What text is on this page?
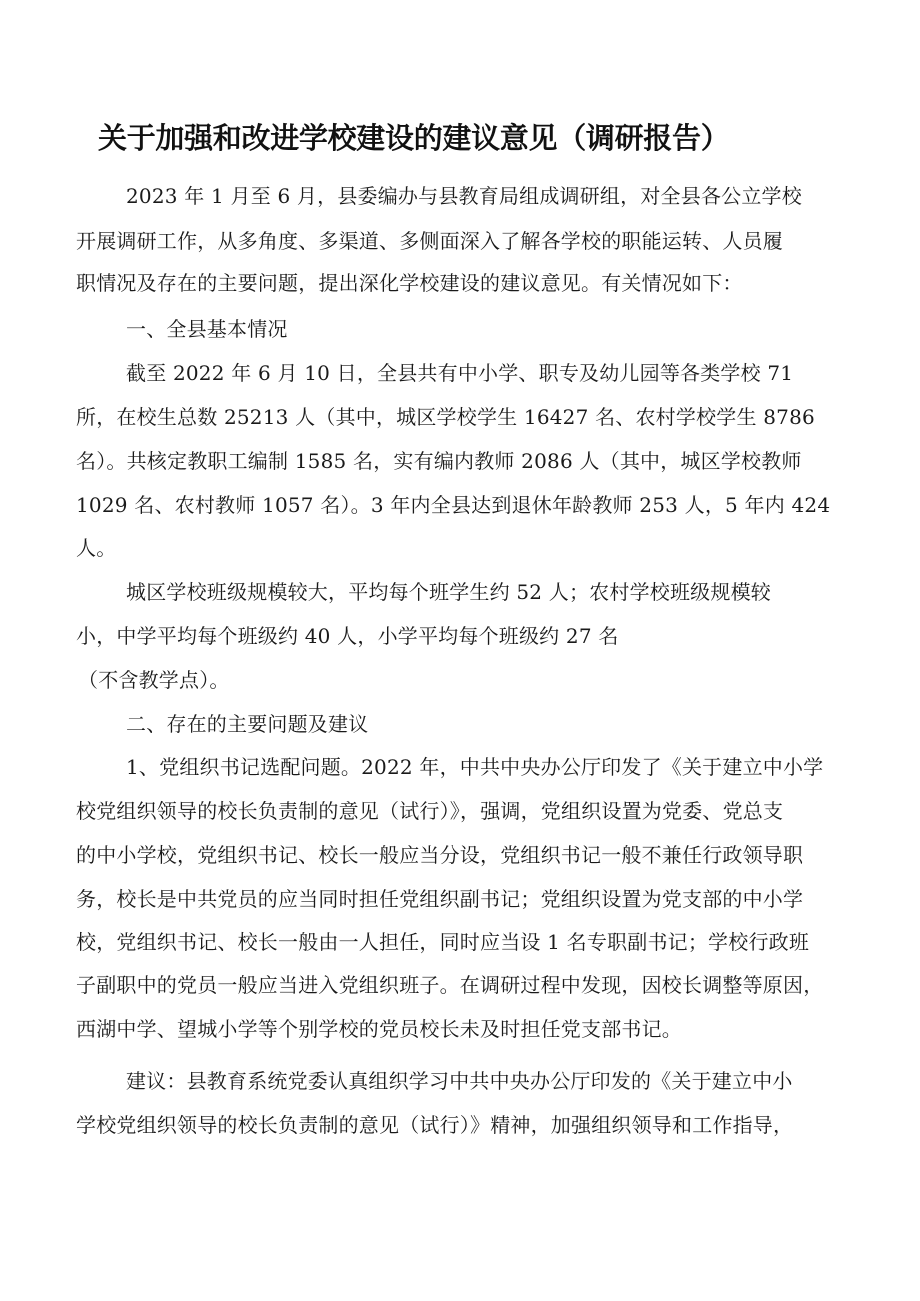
关于加强和改进学校建设的建议意见（调研报告）
2023 年 1 月至 6 月，县委编办与县教育局组成调研组，对全县各公立学校
开展调研工作，从多角度、多渠道、多侧面深入了解各学校的职能运转、人员履
职情况及存在的主要问题，提出深化学校建设的建议意见。有关情况如下：
一、全县基本情况
截至 2022 年 6 月 10 日，全县共有中小学、职专及幼儿园等各类学校 71
所，在校生总数 25213 人（其中，城区学校学生 16427 名、农村学校学生 8786
名）。共核定教职工编制 1585 名，实有编内教师 2086 人（其中，城区学校教师
1029 名、农村教师 1057 名）。3 年内全县达到退休年龄教师 253 人，5 年内 424
人。
城区学校班级规模较大，平均每个班学生约 52 人；农村学校班级规模较
小，中学平均每个班级约 40 人，小学平均每个班级约 27 名
（不含教学点）。
二、存在的主要问题及建议
1、党组织书记选配问题。2022 年，中共中央办公厅印发了《关于建立中小学
校党组织领导的校长负责制的意见（试行）》，强调，党组织设置为党委、党总支
的中小学校，党组织书记、校长一般应当分设，党组织书记一般不兼任行政领导职
务，校长是中共党员的应当同时担任党组织副书记；党组织设置为党支部的中小学
校，党组织书记、校长一般由一人担任，同时应当设 1 名专职副书记；学校行政班
子副职中的党员一般应当进入党组织班子。在调研过程中发现，因校长调整等原因，
西湖中学、望城小学等个别学校的党员校长未及时担任党支部书记。
建议：县教育系统党委认真组织学习中共中央办公厅印发的《关于建立中小
学校党组织领导的校长负责制的意见（试行）》精神，加强组织领导和工作指导，
